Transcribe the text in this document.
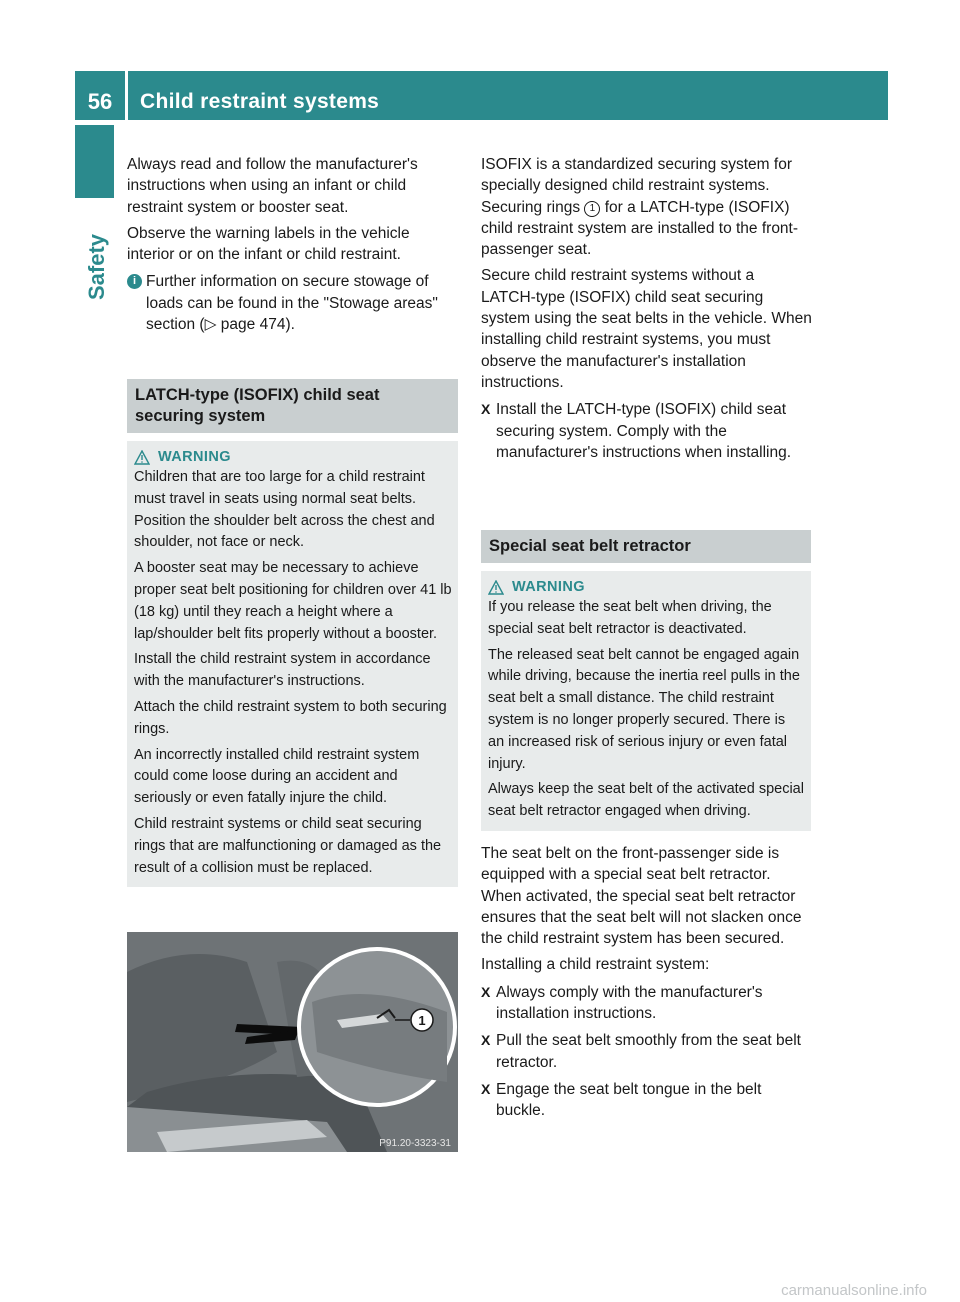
56	Child restraint systems
Safety

Always read and follow the manufacturer's instructions when using an infant or child restraint system or booster seat.

Observe the warning labels in the vehicle interior or on the infant or child restraint.

i Further information on secure stowage of loads can be found in the "Stowage areas" section (▷ page 474).
LATCH-type (ISOFIX) child seat securing system
WARNING

Children that are too large for a child restraint must travel in seats using normal seat belts. Position the shoulder belt across the chest and shoulder, not face or neck.

A booster seat may be necessary to achieve proper seat belt positioning for children over 41 lb (18 kg) until they reach a height where a lap/shoulder belt fits properly without a booster.

Install the child restraint system in accordance with the manufacturer's instructions.

Attach the child restraint system to both securing rings.

An incorrectly installed child restraint system could come loose during an accident and seriously or even fatally injure the child.

Child restraint systems or child seat securing rings that are malfunctioning or damaged as the result of a collision must be replaced.

1
P91.20-3323-31

ISOFIX is a standardized securing system for specially designed child restraint systems. Securing rings 1 for a LATCH-type (ISOFIX) child restraint system are installed to the front-passenger seat.

Secure child restraint systems without a LATCH-type (ISOFIX) child seat securing system using the seat belts in the vehicle. When installing child restraint systems, you must observe the manufacturer's installation instructions.

X Install the LATCH-type (ISOFIX) child seat securing system. Comply with the manufacturer's instructions when installing.
Special seat belt retractor
WARNING

If you release the seat belt when driving, the special seat belt retractor is deactivated.

The released seat belt cannot be engaged again while driving, because the inertia reel pulls in the seat belt a small distance. The child restraint system is no longer properly secured. There is an increased risk of serious injury or even fatal injury.

Always keep the seat belt of the activated special seat belt retractor engaged when driving.

The seat belt on the front-passenger side is equipped with a special seat belt retractor. When activated, the special seat belt retractor ensures that the seat belt will not slacken once the child restraint system has been secured.

Installing a child restraint system:

X Always comply with the manufacturer's installation instructions.
X Pull the seat belt smoothly from the seat belt retractor.
X Engage the seat belt tongue in the belt buckle.
carmanualsonline.info
